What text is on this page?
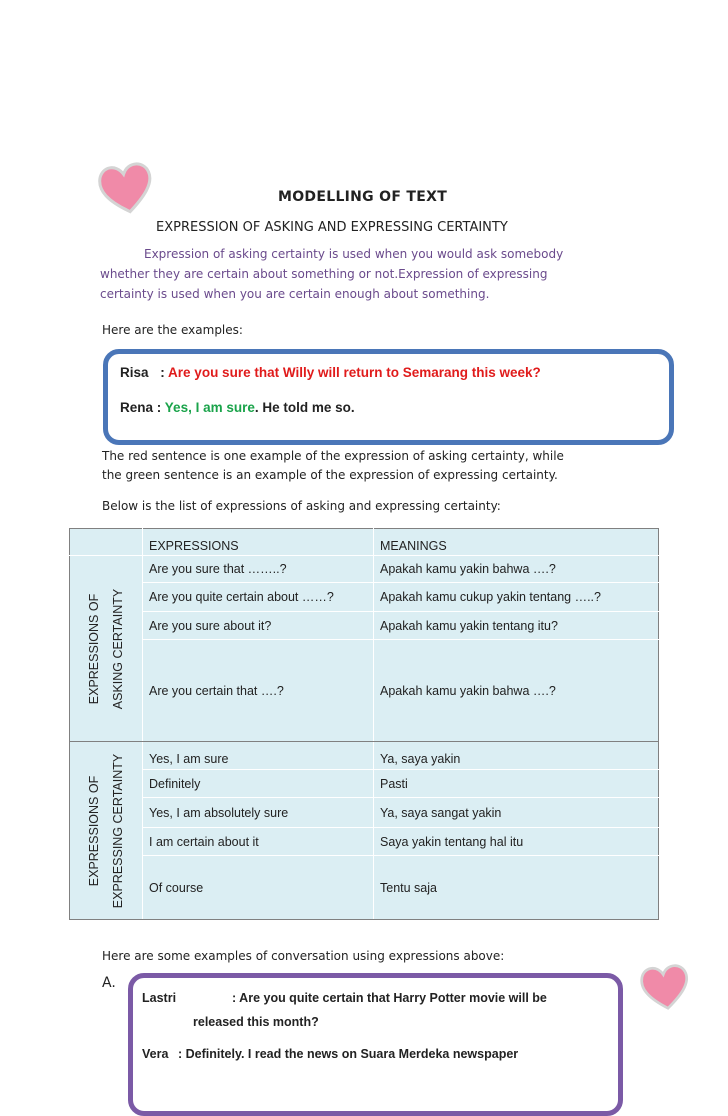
MODELLING OF TEXT
EXPRESSION OF ASKING AND EXPRESSING CERTAINTY
Expression of asking certainty is used when you would ask somebody
whether they are certain about something or not.Expression of expressing
certainty is used when you are certain enough about something.
Here are the examples:
Risa : Are you sure that Willy will return to Semarang this week?
Rena : Yes, I am sure. He told me so.
The red sentence is one example of the expression of asking certainty, while
the green sentence is an example of the expression of expressing certainty.
Below is the list of expressions of asking and expressing certainty:
	EXPRESSIONS	MEANINGS

EXPRESSIONS OF ASKING CERTAINTY	Are you sure that ……..?	Apakah kamu yakin bahwa ….?
	Are you quite certain about ……?	Apakah kamu cukup yakin tentang …..?
	Are you sure about it?	Apakah kamu yakin tentang itu?
	Are you certain that ….?	Apakah kamu yakin bahwa ….?

EXPRESSIONS OF EXPRESSING CERTAINTY	Yes, I am sure	Ya, saya yakin
	Definitely	Pasti
	Yes, I am absolutely sure	Ya, saya sangat yakin
	I am certain about it	Saya yakin tentang hal itu
	Of course	Tentu saja
Here are some examples of conversation using expressions above:
A.
Lastri	: Are you quite certain that Harry Potter movie will be
released this month?
Vera : Definitely. I read the news on Suara Merdeka newspaper
